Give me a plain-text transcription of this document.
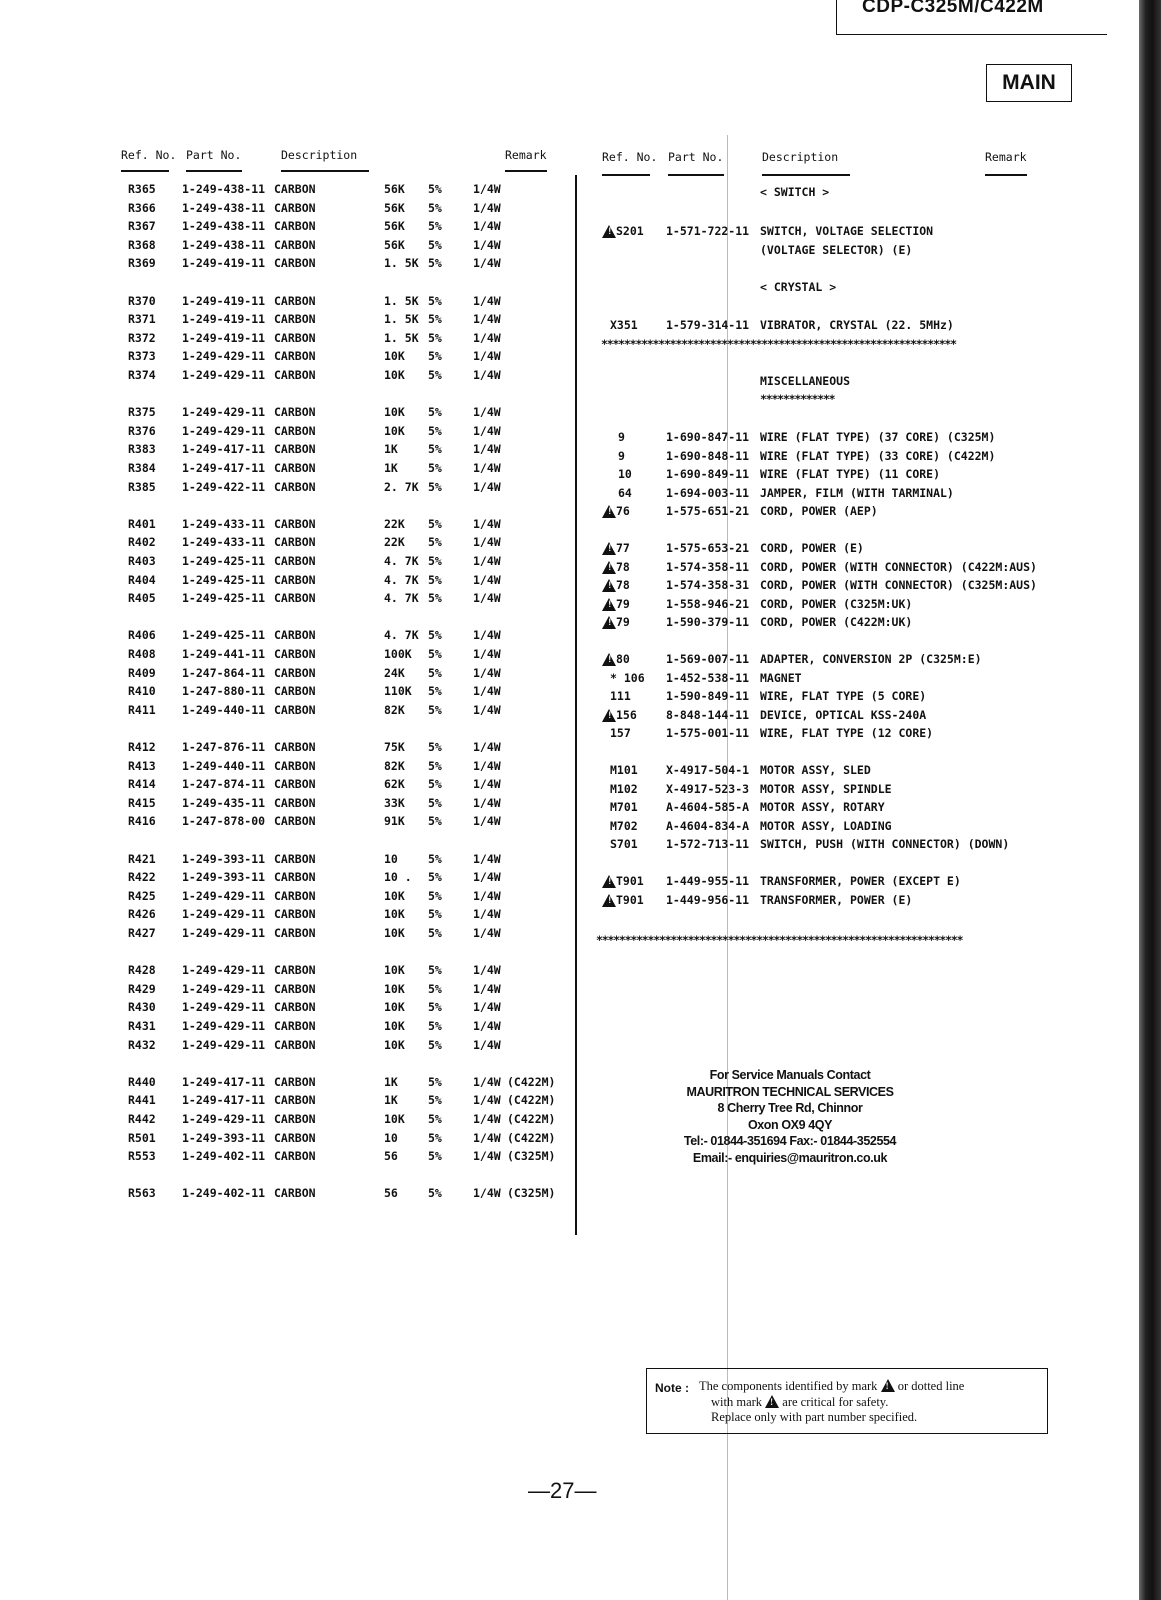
CDP-C325M/C422M
MAIN
Ref. No. Part No.	Description	Remark	Ref. No. Part No.	Description	Remark
R365 1-249-438-11 CARBON	56K 5%	1/4W
R366 1-249-438-11 CARBON	56K 5%	1/4W
R367 1-249-438-11 CARBON	56K 5%	1/4W
R368 1-249-438-11 CARBON	56K 5%	1/4W
R369 1-249-419-11 CARBON	1. 5K 5%	1/4W
R370 1-249-419-11 CARBON	1. 5K 5%	1/4W
R371 1-249-419-11 CARBON	1. 5K 5%	1/4W
R372 1-249-419-11 CARBON	1. 5K 5%	1/4W
R373 1-249-429-11 CARBON	10K 5%	1/4W
R374 1-249-429-11 CARBON	10K 5%	1/4W
R375 1-249-429-11 CARBON	10K 5%	1/4W
R376 1-249-429-11 CARBON	10K 5%	1/4W
R383 1-249-417-11 CARBON	1K	5%	1/4W
R384 1-249-417-11 CARBON	1K	5%	1/4W
R385 1-249-422-11 CARBON	2. 7K 5%	1/4W
R401 1-249-433-11 CARBON	22K 5%	1/4W
R402 1-249-433-11 CARBON	22K 5%	1/4W
R403 1-249-425-11 CARBON	4. 7K 5%	1/4W
R404 1-249-425-11 CARBON	4. 7K 5%	1/4W
R405 1-249-425-11 CARBON	4. 7K 5%	1/4W
R406 1-249-425-11 CARBON	4. 7K 5%	1/4W
R408 1-249-441-11 CARBON	100K 5%	1/4W
R409 1-247-864-11 CARBON	24K 5%	1/4W
R410 1-247-880-11 CARBON	110K 5%	1/4W
R411 1-249-440-11 CARBON	82K 5%	1/4W
R412 1-247-876-11 CARBON	75K 5%	1/4W
R413 1-249-440-11 CARBON	82K 5%	1/4W
R414 1-247-874-11 CARBON	62K 5%	1/4W
R415 1-249-435-11 CARBON	33K 5%	1/4W
R416 1-247-878-00 CARBON	91K 5%	1/4W
R421 1-249-393-11 CARBON	10	5%	1/4W
R422 1-249-393-11 CARBON	10 . 5%	1/4W
R425 1-249-429-11 CARBON	10K 5%	1/4W
R426 1-249-429-11 CARBON	10K 5%	1/4W
R427 1-249-429-11 CARBON	10K 5%	1/4W
R428 1-249-429-11 CARBON	10K 5%	1/4W
R429 1-249-429-11 CARBON	10K 5%	1/4W
R430 1-249-429-11 CARBON	10K 5%	1/4W
R431 1-249-429-11 CARBON	10K 5%	1/4W
R432 1-249-429-11 CARBON	10K 5%	1/4W
R440 1-249-417-11 CARBON	1K	5%	1/4W (C422M)
R441 1-249-417-11 CARBON	1K	5%	1/4W (C422M)
R442 1-249-429-11 CARBON	10K 5%	1/4W (C422M)
R501 1-249-393-11 CARBON	10	5%	1/4W (C422M)
R553 1-249-402-11 CARBON	56	5%	1/4W (C325M)
R563 1-249-402-11 CARBON	56	5%	1/4W (C325M)
< SWITCH >
!
S201 1-571-722-11 SWITCH, VOLTAGE SELECTION
(VOLTAGE SELECTOR) (E)
< CRYSTAL >
X351 1-579-314-11 VIBRATOR, CRYSTAL (22. 5MHz)
**************************************************************
MISCELLANEOUS
*************
9	1-690-847-11 WIRE (FLAT TYPE) (37 CORE) (C325M)
9	1-690-848-11 WIRE (FLAT TYPE) (33 CORE) (C422M)
10	1-690-849-11 WIRE (FLAT TYPE) (11 CORE)
64	1-694-003-11 JAMPER, FILM (WITH TARMINAL)
!
76	1-575-651-21 CORD, POWER (AEP)
!
77	1-575-653-21 CORD, POWER (E)
!
78	1-574-358-11 CORD, POWER (WITH CONNECTOR) (C422M:AUS)
!
78	1-574-358-31 CORD, POWER (WITH CONNECTOR) (C325M:AUS)
!
79	1-558-946-21 CORD, POWER (C325M:UK)
!
79	1-590-379-11 CORD, POWER (C422M:UK)
!
80	1-569-007-11 ADAPTER, CONVERSION 2P (C325M:E)
* 106 1-452-538-11 MAGNET
111	1-590-849-11 WIRE, FLAT TYPE (5 CORE)
!
156	8-848-144-11 DEVICE, OPTICAL KSS-240A
157	1-575-001-11 WIRE, FLAT TYPE (12 CORE)
M101 X-4917-504-1 MOTOR ASSY, SLED
M102 X-4917-523-3 MOTOR ASSY, SPINDLE
M701 A-4604-585-A MOTOR ASSY, ROTARY
M702 A-4604-834-A MOTOR ASSY, LOADING
S701 1-572-713-11 SWITCH, PUSH (WITH CONNECTOR) (DOWN)
!
T901 1-449-955-11 TRANSFORMER, POWER (EXCEPT E)
!
T901 1-449-956-11 TRANSFORMER, POWER (E)
****************************************************************
For Service Manuals Contact
MAURITRON TECHNICAL SERVICES
8 Cherry Tree Rd, Chinnor
Oxon OX9 4QY
Tel:- 01844-351694 Fax:- 01844-352554
Email:- enquiries@mauritron.co.uk
Note : The components identified by mark ! or dotted line
with mark ! are critical for safety.
Replace only with part number specified.
—27—
